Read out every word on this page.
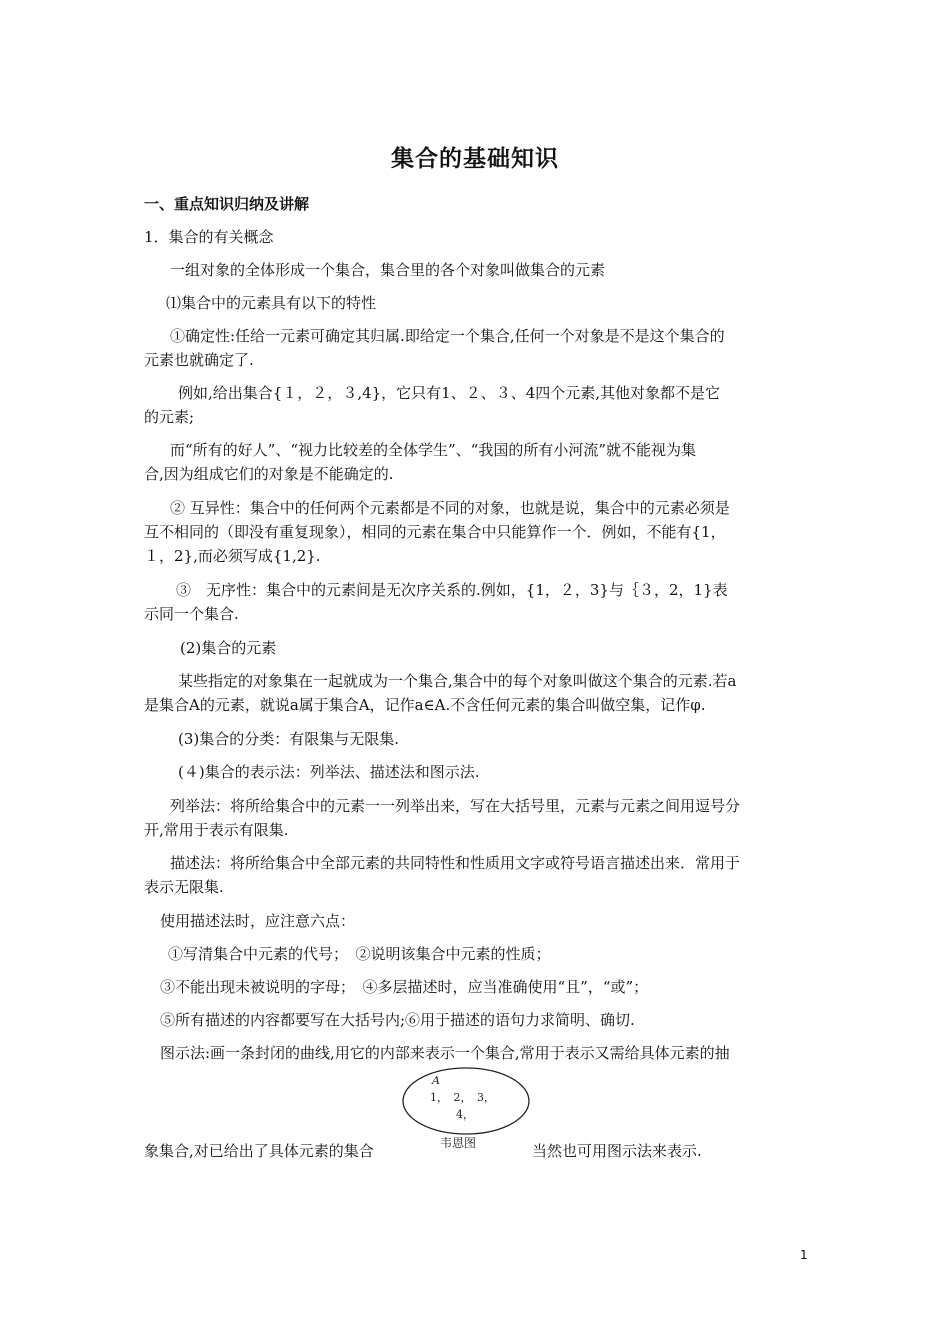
集合的基础知识
一、重点知识归纳及讲解
1．集合的有关概念
一组对象的全体形成一个集合，集合里的各个对象叫做集合的元素
⑴集合中的元素具有以下的特性
①确定性:任给一元素可确定其归属.即给定一个集合,任何一个对象是不是这个集合的
元素也就确定了.
例如,给出集合{１，２，３,4}，它只有1、２、３、4四个元素,其他对象都不是它
的元素;
而“所有的好人”、“视力比较差的全体学生”、“我国的所有小河流”就不能视为集
合,因为组成它们的对象是不能确定的.
② 互异性：集合中的任何两个元素都是不同的对象，也就是说，集合中的元素必须是
互不相同的（即没有重复现象），相同的元素在集合中只能算作一个．例如，不能有{1，
１，2},而必须写成{1,2}.
③　无序性：集合中的元素间是无次序关系的.例如，{1，２，3}与｛３，2，1}表
示同一个集合.
(2)集合的元素
某些指定的对象集在一起就成为一个集合,集合中的每个对象叫做这个集合的元素.若a
是集合A的元素，就说a属于集合A，记作a∈A.不含任何元素的集合叫做空集，记作φ.
(3)集合的分类：有限集与无限集.
(４)集合的表示法：列举法、描述法和图示法.
列举法：将所给集合中的元素一一列举出来，写在大括号里，元素与元素之间用逗号分
开,常用于表示有限集.
描述法：将所给集合中全部元素的共同特性和性质用文字或符号语言描述出来．常用于
表示无限集.
使用描述法时，应注意六点：
①写清集合中元素的代号；　②说明该集合中元素的性质；
③不能出现未被说明的字母；　④多层描述时，应当准确使用“且”，“或”；
⑤所有描述的内容都要写在大括号内;⑥用于描述的语句力求简明、确切.
图示法:画一条封闭的曲线,用它的内部来表示一个集合,常用于表示又需给具体元素的抽
象集合,对已给出了具体元素的集合	当然也可用图示法来表示.
A
1，　2，　3，
4，
韦恩图
1
